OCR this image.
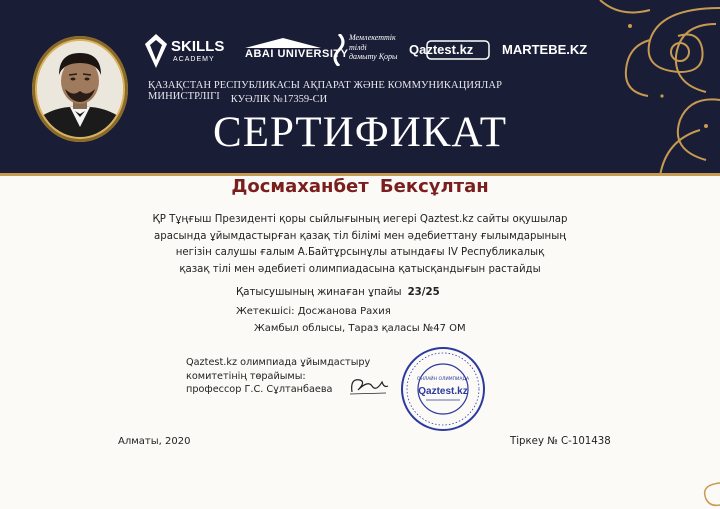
SKILLS
ACADEMY	ABAI UNIVERSITY
Мемлекеттік
тілді
дамыту Қоры Qaztest.kz MARTEBE.KZ
ҚАЗАҚСТАН РЕСПУБЛИКАСЫ АҚПАРАТ ЖӘНЕ КОММУНИКАЦИЯЛАР МИНИСТРЛІГІ	КУӘЛІК №17359-СИ
СЕРТИФИКАТ
Досмаханбет Бексұлтан
ҚР Тұңғыш Президенті қоры сыйлығының иегері Qaztest.kz сайты оқушылар
арасында ұйымдастырған қазақ тіл білімі мен әдебиеттану ғылымдарының
негізін салушы ғалым А.Байтұрсынұлы атындағы IV Республикалық
қазақ тілі мен әдебиеті олимпиадасына қатысқандығын растайды
Қатысушының жинаған ұпайы 23/25
Жетекшісі: Досжанова Рахия
Жамбыл облысы, Тараз қаласы №47 ОМ
Qaztest.kz олимпиада ұйымдастыру
комитетінің төрайымы:
профессор Г.С. Сұлтанбаева
ОНЛАЙН ОЛИМПИАДА
Qaztest.kz
Алматы, 2020	Тіркеу № С-101438
